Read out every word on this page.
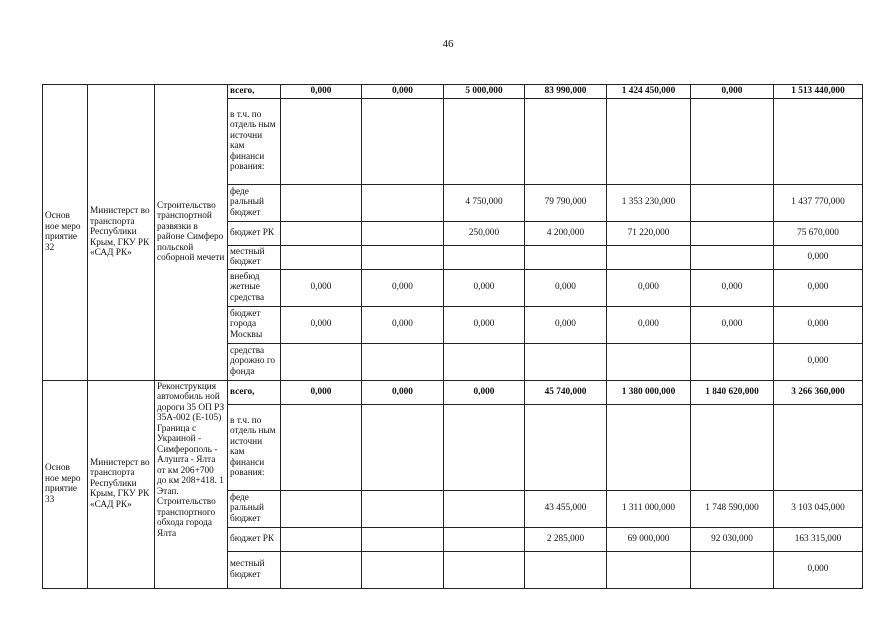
46
Основ ное меро приятие 32	Министерст во транспорта Республики Крым, ГКУ РК «САД РК»	Строительство транспортной развязки в районе Симферо польской соборной мечети	всего,	0,000	0,000	5 000,000	83 990,000	1 424 450,000	0,000	1 513 440,000
			в т.ч. по отдель ным источни кам финанси рования:							
			феде ральный бюджет			4 750,000	79 790,000	1 353 230,000		1 437 770,000
			бюджет РК			250,000	4 200,000	71 220,000		75 670,000
			местный бюджет							0,000
			внебюд жетные средства	0,000	0,000	0,000	0,000	0,000	0,000	0,000
			бюджет города Москвы	0,000	0,000	0,000	0,000	0,000	0,000	0,000
			средства дорожно го фонда							0,000
Основ ное меро приятие 33	Министерст во транспорта Республики Крым, ГКУ РК «САД РК»	Реконструкция автомобиль ной дороги 35 ОП РЗ 35А-002 (Е-105) Граница с Украиной - Симферополь - Алушта - Ялта от км 206+700 до км 208+418. 1 Этап. Строительство транспортного обхода города Ялта	всего,	0,000	0,000	0,000	45 740,000	1 380 000,000	1 840 620,000	3 266 360,000
			в т.ч. по отдель ным источни кам финанси рования:							
			феде ральный бюджет				43 455,000	1 311 000,000	1 748 590,000	3 103 045,000
			бюджет РК				2 285,000	69 000,000	92 030,000	163 315,000
			местный бюджет							0,000
